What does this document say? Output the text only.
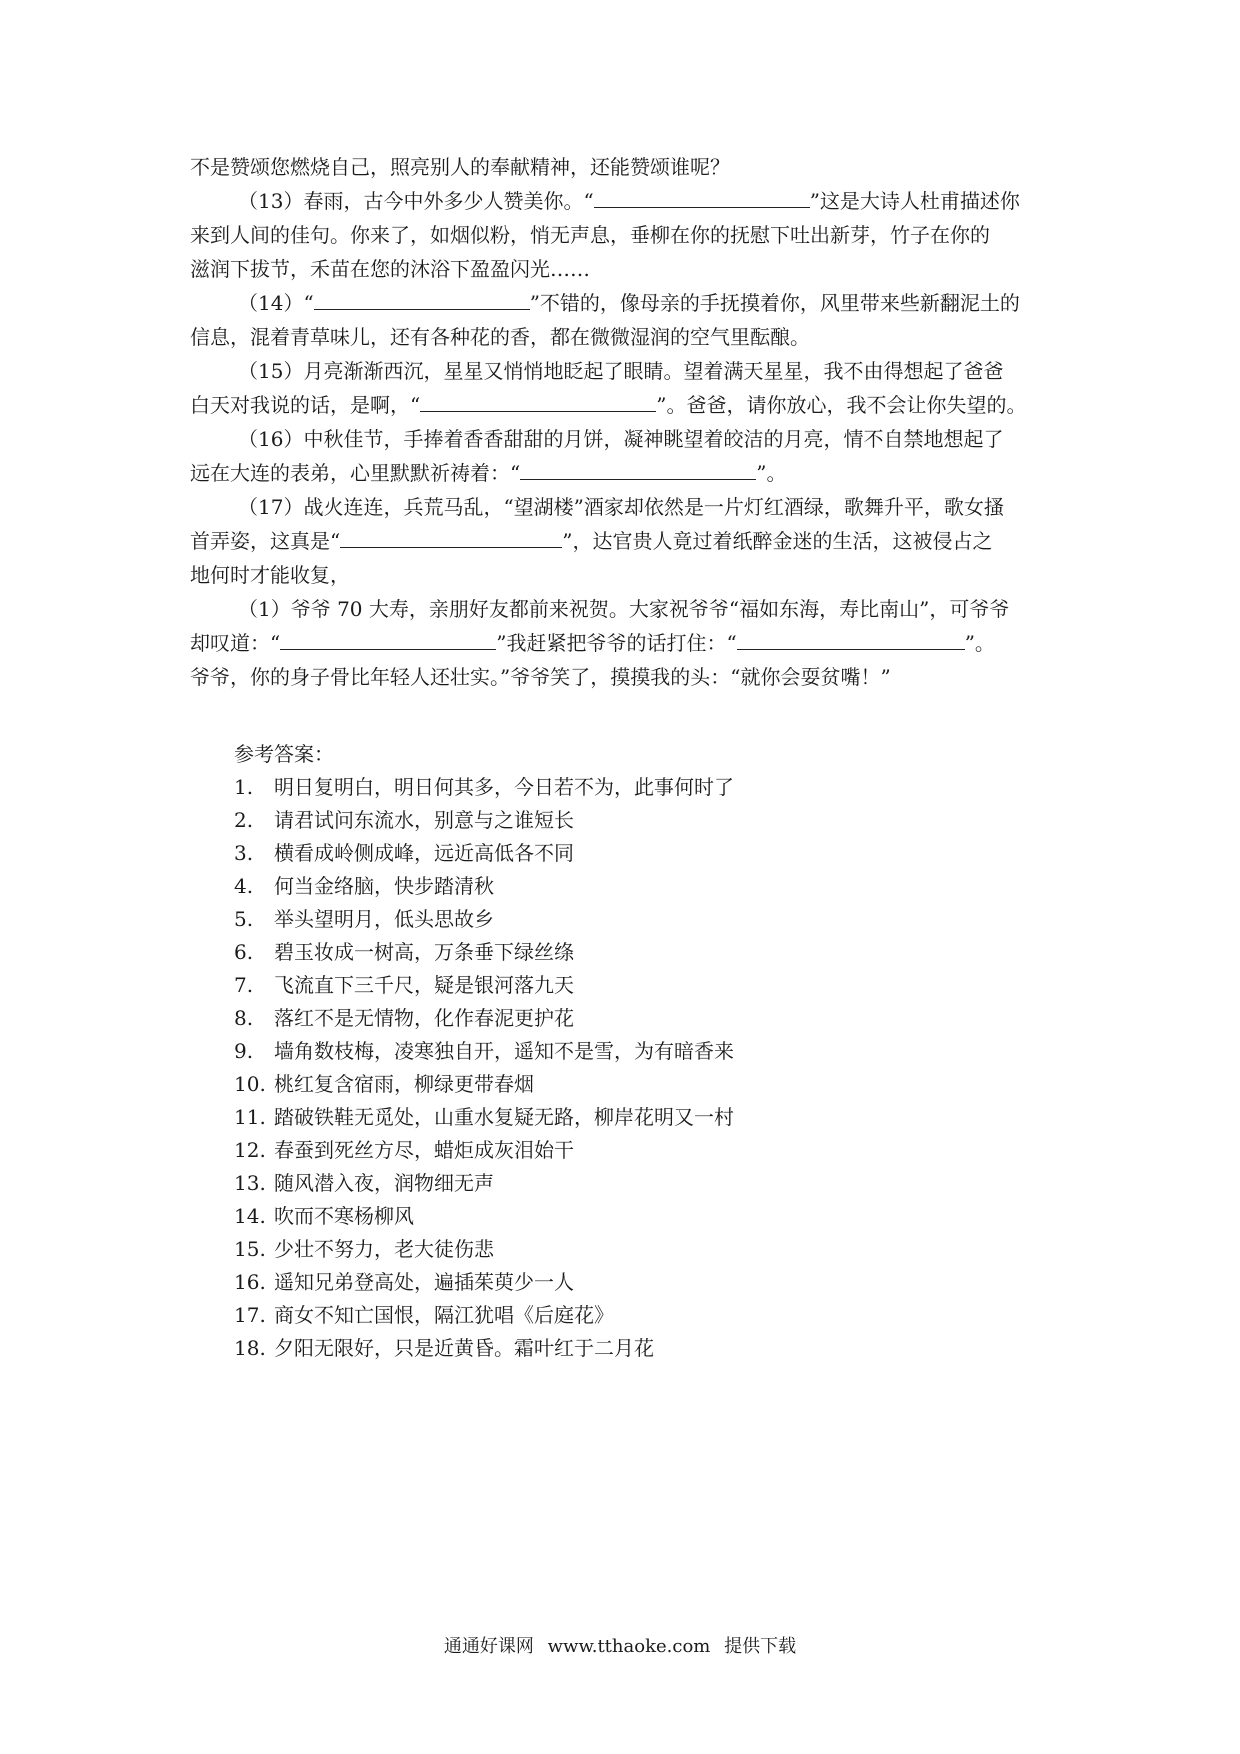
不是赞颂您燃烧自己，照亮别人的奉献精神，还能赞颂谁呢？
（13）春雨，古今中外多少人赞美你。“	”这是大诗人杜甫描述你
来到人间的佳句。你来了，如烟似粉，悄无声息，垂柳在你的抚慰下吐出新芽，竹子在你的
滋润下拔节，禾苗在您的沐浴下盈盈闪光……
（14）“	”不错的，像母亲的手抚摸着你，风里带来些新翻泥土的
信息，混着青草味儿，还有各种花的香，都在微微湿润的空气里酝酿。
（15）月亮渐渐西沉，星星又悄悄地眨起了眼睛。望着满天星星，我不由得想起了爸爸
白天对我说的话，是啊，“	”。爸爸，请你放心，我不会让你失望的。
（16）中秋佳节，手捧着香香甜甜的月饼，凝神眺望着皎洁的月亮，情不自禁地想起了
远在大连的表弟，心里默默祈祷着：“	”。
（17）战火连连，兵荒马乱，“望湖楼”酒家却依然是一片灯红酒绿，歌舞升平，歌女搔
首弄姿，这真是“	”，达官贵人竟过着纸醉金迷的生活，这被侵占之
地何时才能收复，
（1）爷爷 70 大寿，亲朋好友都前来祝贺。大家祝爷爷“福如东海，寿比南山”，可爷爷
却叹道：“	”我赶紧把爷爷的话打住：“	”。
爷爷，你的身子骨比年轻人还壮实。”爷爷笑了，摸摸我的头：“就你会耍贫嘴！”
参考答案：
1. 明日复明白，明日何其多，今日若不为，此事何时了
2. 请君试问东流水，别意与之谁短长
3. 横看成岭侧成峰，远近高低各不同
4. 何当金络脑，快步踏清秋
5. 举头望明月，低头思故乡
6. 碧玉妆成一树高，万条垂下绿丝绦
7. 飞流直下三千尺，疑是银河落九天
8. 落红不是无情物，化作春泥更护花
9. 墙角数枝梅，凌寒独自开，遥知不是雪，为有暗香来
10. 桃红复含宿雨，柳绿更带春烟
11. 踏破铁鞋无觅处，山重水复疑无路，柳岸花明又一村
12. 春蚕到死丝方尽，蜡炬成灰泪始干
13. 随风潜入夜，润物细无声
14. 吹而不寒杨柳风
15. 少壮不努力，老大徒伤悲
16. 遥知兄弟登高处，遍插茱萸少一人
17. 商女不知亡国恨，隔江犹唱《后庭花》
18. 夕阳无限好，只是近黄昏。霜叶红于二月花
通通好课网 www.tthaoke.com 提供下载
